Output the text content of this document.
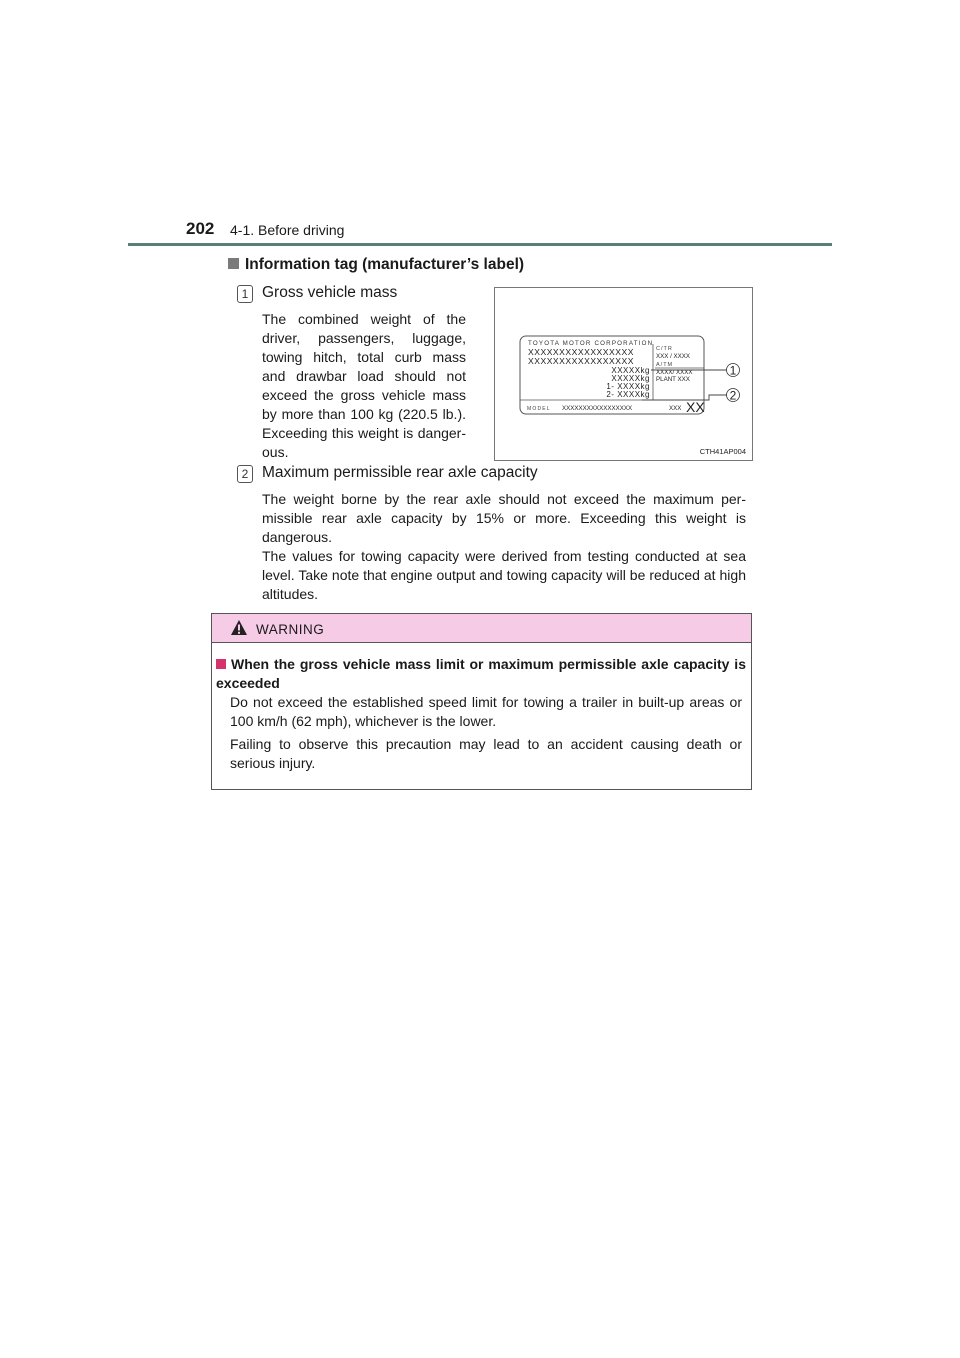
202 4-1. Before driving
Information tag (manufacturer’s label)
1 Gross vehicle mass
The combined weight of the
driver, passengers, luggage,
towing hitch, total curb mass
and drawbar load should not
exceed the gross vehicle mass
by more than 100 kg (220.5 lb.).
Exceeding this weight is danger-
ous.
TOYOTA MOTOR CORPORATION
XXXXXXXXXXXXXXXXX
XXXXXXXXXXXXXXXXX
XXXXXkg
XXXXXkg
1- XXXXkg
2- XXXXkg
C/TR
XXX / XXXX
A/TM
XXXX/ XXXX
PLANT XXX
MODEL XXXXXXXXXXXXXXXXX	XXX XX
1
2
CTH41AP004
2 Maximum permissible rear axle capacity
The weight borne by the rear axle should not exceed the maximum per-missible rear axle capacity by 15% or more. Exceeding this weight is dangerous.
The values for towing capacity were derived from testing conducted at sea level. Take note that engine output and towing capacity will be reduced at high altitudes.
WARNING
When the gross vehicle mass limit or maximum permissible axle capacity is exceeded
Do not exceed the established speed limit for towing a trailer in built-up areas or 100 km/h (62 mph), whichever is the lower.
Failing to observe this precaution may lead to an accident causing death or serious injury.
